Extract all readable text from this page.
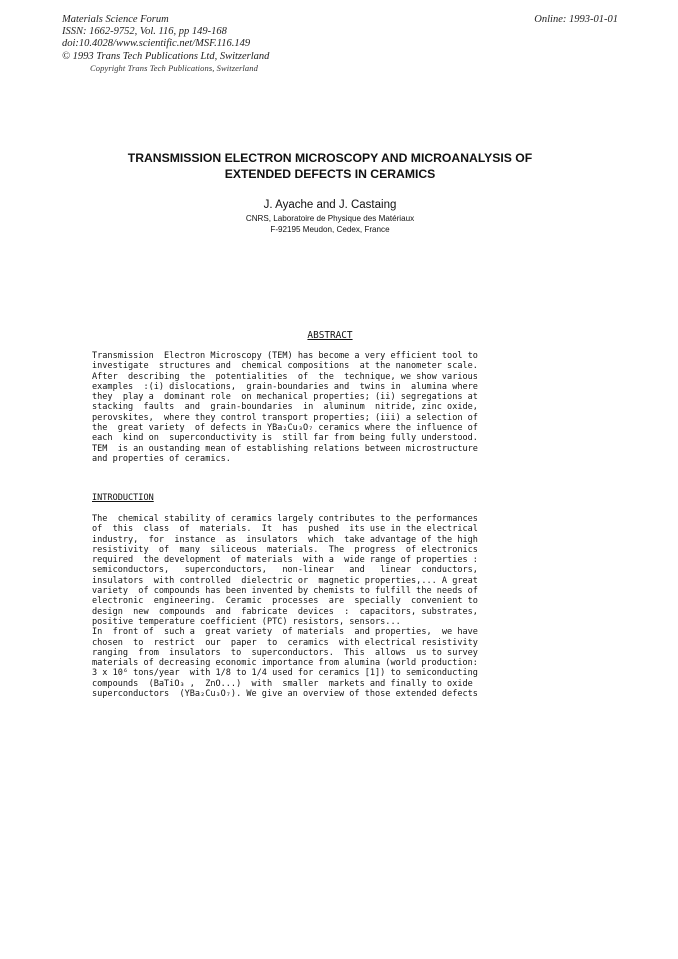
Materials Science Forum
ISSN: 1662-9752, Vol. 116, pp 149-168
doi:10.4028/www.scientific.net/MSF.116.149
© 1993 Trans Tech Publications Ltd, Switzerland
Online: 1993-01-01
Copyright Trans Tech Publications, Switzerland
TRANSMISSION ELECTRON MICROSCOPY AND MICROANALYSIS OF
EXTENDED DEFECTS IN CERAMICS
J. Ayache and J. Castaing
CNRS, Laboratoire de Physique des Matériaux
F-92195 Meudon, Cedex, France
ABSTRACT
Transmission  Electron Microscopy (TEM) has become a very efficient tool to
investigate  structures and  chemical compositions  at the nanometer scale.
After  describing  the  potentialities  of  the  technique, we show various
examples  :(i) dislocations,  grain-boundaries and  twins in  alumina where
they  play a  dominant role  on mechanical properties; (ii) segregations at
stacking  faults  and  grain-boundaries  in  aluminum  nitride, zinc oxide,
perovskites,  where they control transport properties; (iii) a selection of
the  great variety  of defects in YBa₂Cu₃O₇ ceramics where the influence of
each  kind on  superconductivity is  still far from being fully understood.
TEM  is an oustanding mean of establishing relations between microstructure
and properties of ceramics.
INTRODUCTION
The  chemical stability of ceramics largely contributes to the performances
of  this  class  of  materials.  It  has  pushed  its use in the electrical
industry,  for  instance  as  insulators  which  take advantage of the high
resistivity  of  many  siliceous  materials.  The  progress  of electronics
required  the development  of materials  with a  wide range of properties :
semiconductors,   superconductors,   non-linear   and   linear  conductors,
insulators  with controlled  dielectric or  magnetic properties,... A great
variety  of compounds has been invented by chemists to fulfill the needs of
electronic  engineering.  Ceramic  processes  are  specially  convenient to
design  new  compounds  and  fabricate  devices  :  capacitors, substrates,
positive temperature coefficient (PTC) resistors, sensors...
In  front of  such a  great variety  of materials  and properties,  we have
chosen  to  restrict  our  paper  to  ceramics  with electrical resistivity
ranging  from  insulators  to  superconductors.  This  allows  us to survey
materials of decreasing economic importance from alumina (world production:
3 x 10⁶ tons/year  with 1/8 to 1/4 used for ceramics [1]) to semiconducting
compounds  (BaTiO₃ ,  ZnO...)  with  smaller  markets and finally to oxide
superconductors  (YBa₂Cu₃O₇). We give an overview of those extended defects
